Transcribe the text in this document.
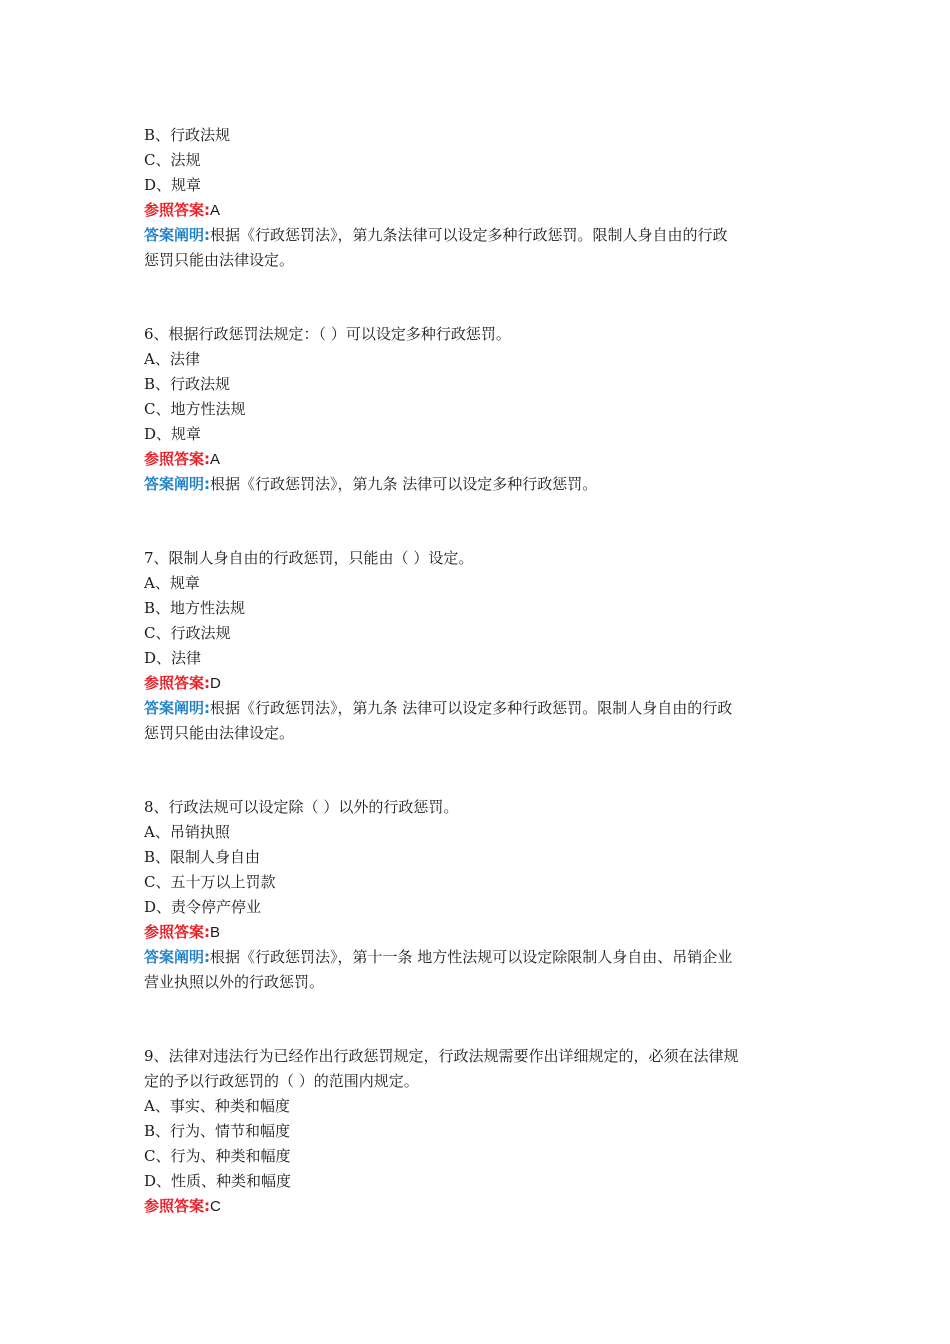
B、行政法规
C、法规
D、规章
参照答案:A
答案阐明:根据《行政惩罚法》，第九条法律可以设定多种行政惩罚。限制人身自由的行政
惩罚只能由法律设定。
6、根据行政惩罚法规定：（ ）可以设定多种行政惩罚。
A、法律
B、行政法规
C、地方性法规
D、规章
参照答案:A
答案阐明:根据《行政惩罚法》，第九条 法律可以设定多种行政惩罚。
7、限制人身自由的行政惩罚，只能由（ ）设定。
A、规章
B、地方性法规
C、行政法规
D、法律
参照答案:D
答案阐明:根据《行政惩罚法》，第九条 法律可以设定多种行政惩罚。限制人身自由的行政
惩罚只能由法律设定。
8、行政法规可以设定除（ ）以外的行政惩罚。
A、吊销执照
B、限制人身自由
C、五十万以上罚款
D、责令停产停业
参照答案:B
答案阐明:根据《行政惩罚法》，第十一条 地方性法规可以设定除限制人身自由、吊销企业
营业执照以外的行政惩罚。
9、法律对违法行为已经作出行政惩罚规定，行政法规需要作出详细规定的，必须在法律规
定的予以行政惩罚的（ ）的范围内规定。
A、事实、种类和幅度
B、行为、情节和幅度
C、行为、种类和幅度
D、性质、种类和幅度
参照答案:C
